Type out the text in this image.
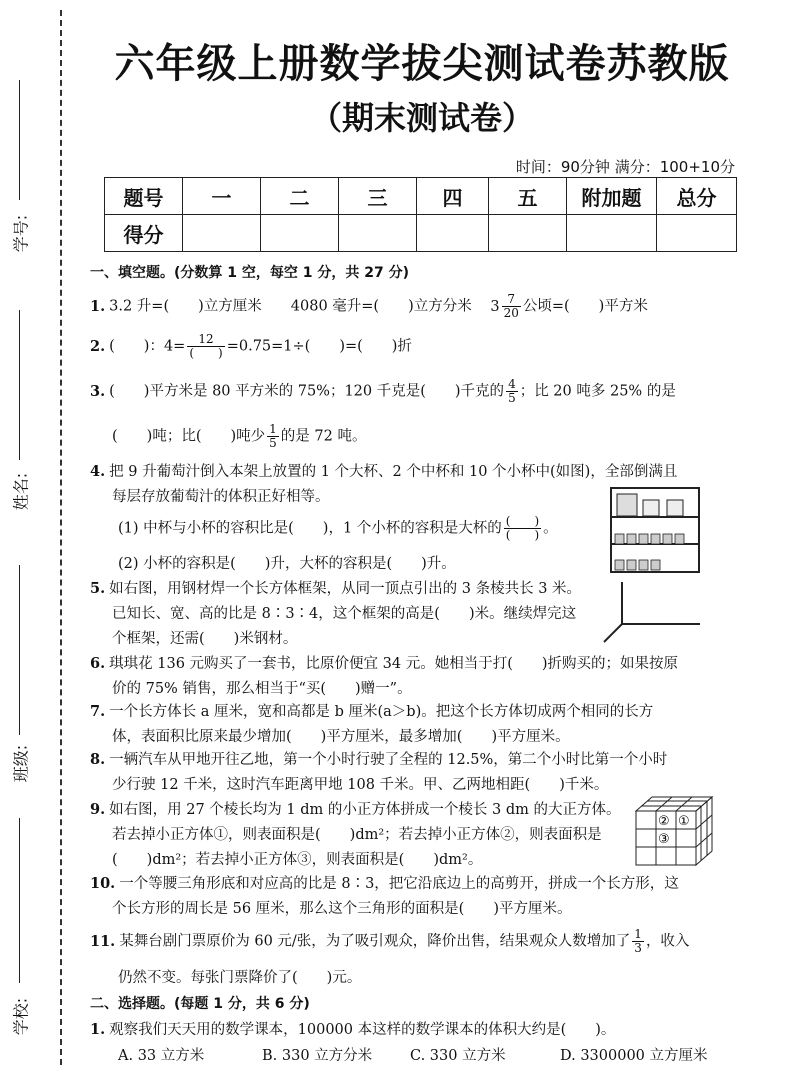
学号:
姓名:
班级:
学校:
六年级上册数学拔尖测试卷苏教版
（期末测试卷）
时间：90分钟 满分：100+10分
题号	一	二	三	四	五	附加题	总分
得分							
一、填空题。(分数算 1 空，每空 1 分，共 27 分)
1. 3.2 升=(　　)立方厘米　　4080 毫升=(　　)立方分米 $3 \frac{7}{20}$ 公顷=(　　)平方米
2. (　　)：$4= \frac{12}{( )} =0.75=1\div$(　　)=(　　)折
3. (　　)平方米是 80 平方米的 75%；120 千克是(　　)千克的 $\frac{4}{5}$ ；比 20 吨多 25% 的是
(　　)吨；比(　　)吨少 $\frac{1}{5}$ 的是 72 吨。
4. 把 9 升葡萄汁倒入本架上放置的 1 个大杯、2 个中杯和 10 个小杯中(如图)，全部倒满且
每层存放葡萄汁的体积正好相等。
(1) 中杯与小杯的容积比是(　　)，1 个小杯的容积是大杯的 $\frac{( )}{( )}$ 。
(2) 小杯的容积是(　　)升，大杯的容积是(　　)升。
5. 如右图，用钢材焊一个长方体框架，从同一顶点引出的 3 条棱共长 3 米。
已知长、宽、高的比是 8∶3∶4，这个框架的高是(　　)米。继续焊完这
个框架，还需(　　)米钢材。
6. 琪琪花 136 元购买了一套书，比原价便宜 34 元。她相当于打(　　)折购买的；如果按原
价的 75% 销售，那么相当于“买(　　)赠一”。
7. 一个长方体长 a 厘米，宽和高都是 b 厘米(a＞b)。把这个长方体切成两个相同的长方
体，表面积比原来最少增加(　　)平方厘米，最多增加(　　)平方厘米。
8. 一辆汽车从甲地开往乙地，第一个小时行驶了全程的 12.5%，第二个小时比第一个小时
少行驶 12 千米，这时汽车距离甲地 108 千米。甲、乙两地相距(　　)千米。
9. 如右图，用 27 个棱长均为 1 dm 的小正方体拼成一个棱长 3 dm 的大正方体。
若去掉小正方体①，则表面积是(　　)dm²；若去掉小正方体②，则表面积是
(　　)dm²；若去掉小正方体③，则表面积是(　　)dm²。
② ①
③
10. 一个等腰三角形底和对应高的比是 8∶3，把它沿底边上的高剪开，拼成一个长方形，这
个长方形的周长是 56 厘米，那么这个三角形的面积是(　　)平方厘米。
11. 某舞台剧门票原价为 60 元/张，为了吸引观众，降价出售，结果观众人数增加了 $\frac{1}{3}$ ，收入
仍然不变。每张门票降价了(　　)元。
二、选择题。(每题 1 分，共 6 分)
1. 观察我们天天用的数学课本，100000 本这样的数学课本的体积大约是(　　)。
A. 33 立方米	B. 330 立方分米	C. 330 立方米	D. 3300000 立方厘米
